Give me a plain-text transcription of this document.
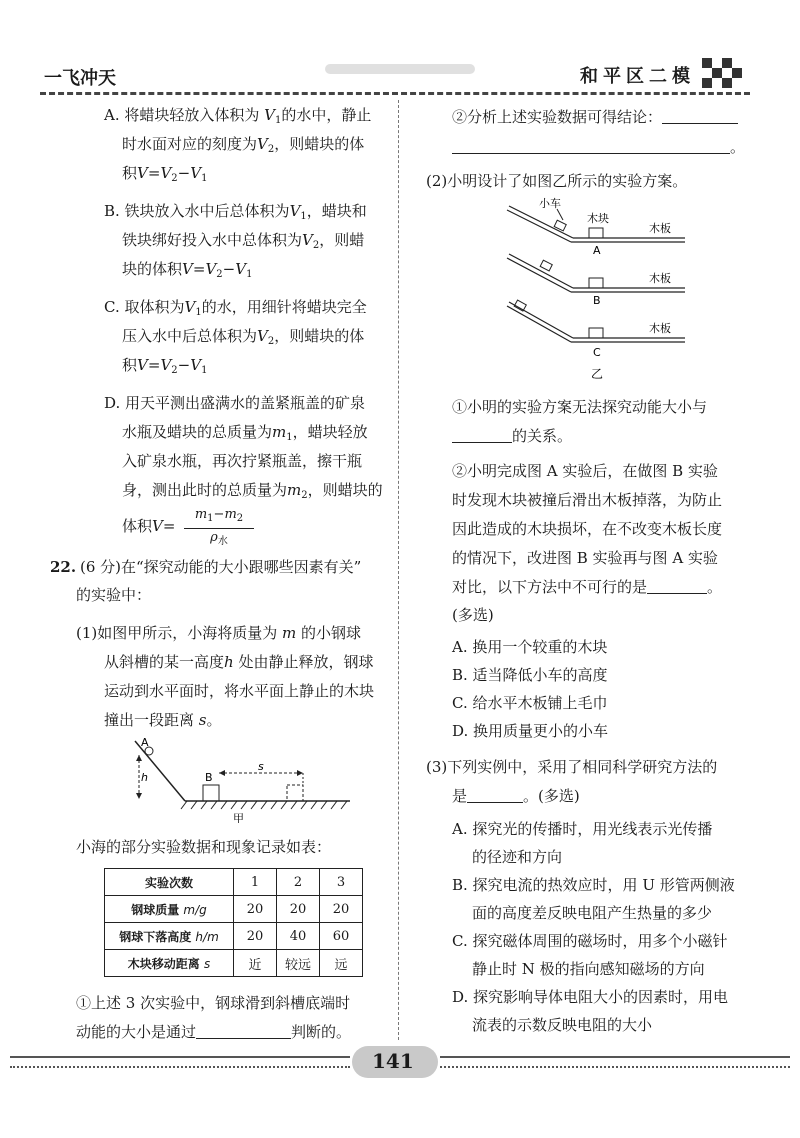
一飞冲天	和平区二模
A. 将蜡块轻放入体积为 $V_1$的水中，静止
时水面对应的刻度为$V_2$，则蜡块的体
积$V=V_2-V_1$
B. 铁块放入水中后总体积为$V_1$，蜡块和
铁块绑好投入水中总体积为$V_2$，则蜡
块的体积$V=V_2-V_1$
C. 取体积为$V_1$的水，用细针将蜡块完全
压入水中后总体积为$V_2$，则蜡块的体
积$V=V_2-V_1$
D. 用天平测出盛满水的盖紧瓶盖的矿泉
水瓶及蜡块的总质量为$m_1$，蜡块轻放
入矿泉水瓶，再次拧紧瓶盖，擦干瓶
身，测出此时的总质量为$m_2$，则蜡块的
体积V=
$m_1-m_2$
$\rho_水$
22. (6 分)在“探究动能的大小跟哪些因素有关”
的实验中：
(1)如图甲所示，小海将质量为 m 的小钢球
从斜槽的某一高度h 处由静止释放，钢球
运动到水平面时，将水平面上静止的木块
撞出一段距离 s。
A
h	B
s
甲
小海的部分实验数据和现象记录如表：
实验次数	1	2	3
钢球质量 m/g	20	20	20
钢球下落高度 h/m	20	40	60
木块移动距离 s	近	较远	远
①上述 3 次实验中，钢球滑到斜槽底端时
动能的大小是通过	判断的。
②分析上述实验数据可得结论：
。
(2)小明设计了如图乙所示的实验方案。
小车
木块
木板
A
木板
B
木板
C
乙
①小明的实验方案无法探究动能大小与
的关系。
②小明完成图 A 实验后，在做图 B 实验
时发现木块被撞后滑出木板掉落，为防止
因此造成的木块损坏，在不改变木板长度
的情况下，改进图 B 实验再与图 A 实验
对比，以下方法中不可行的是	。
(多选)
A. 换用一个较重的木块
B. 适当降低小车的高度
C. 给水平木板铺上毛巾
D. 换用质量更小的小车
(3)下列实例中，采用了相同科学研究方法的
是	。(多选)
A. 探究光的传播时，用光线表示光传播
的径迹和方向
B. 探究电流的热效应时，用 U 形管两侧液
面的高度差反映电阻产生热量的多少
C. 探究磁体周围的磁场时，用多个小磁针
静止时 N 极的指向感知磁场的方向
D. 探究影响导体电阻大小的因素时，用电
流表的示数反映电阻的大小
141
